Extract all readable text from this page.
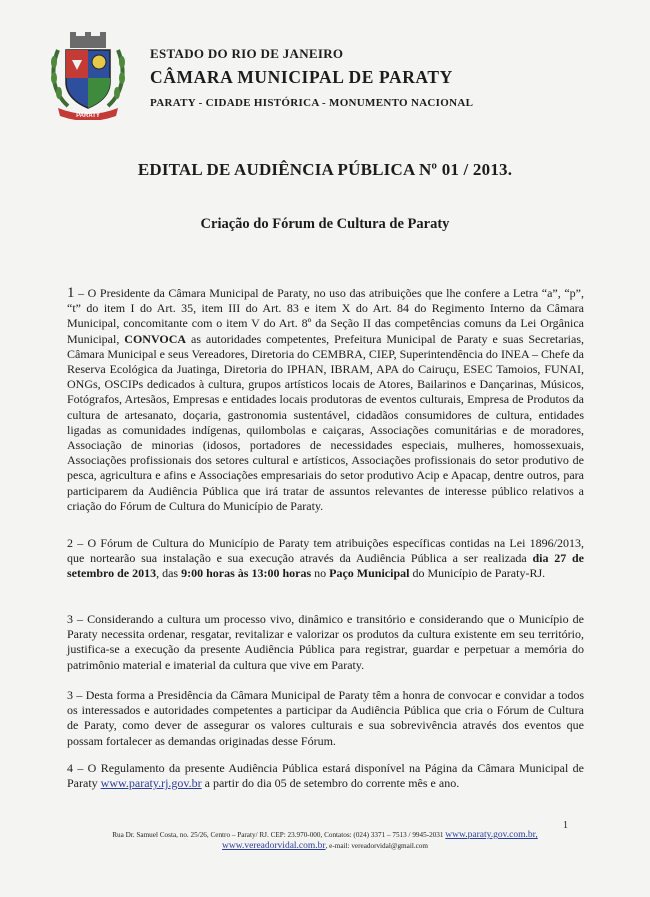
PARATY

ESTADO DO RIO DE JANEIRO

CÂMARA MUNICIPAL DE PARATY

PARATY - CIDADE HISTÓRICA - MONUMENTO NACIONAL

EDITAL DE AUDIÊNCIA PÚBLICA Nº 01 / 2013.
Criação do Fórum de Cultura de Paraty

1 – O Presidente da Câmara Municipal de Paraty, no uso das atribuições que lhe confere a Letra “a”, “p”, “t” do item I do Art. 35, item III do Art. 83 e item X do Art. 84 do Regimento Interno da Câmara Municipal, concomitante com o item V do Art. 8º da Seção II das competências comuns da Lei Orgânica Municipal, CONVOCA as autoridades competentes, Prefeitura Municipal de Paraty e suas Secretarias, Câmara Municipal e seus Vereadores, Diretoria do CEMBRA, CIEP, Superintendência do INEA – Chefe da Reserva Ecológica da Juatinga, Diretoria do IPHAN, IBRAM, APA do Cairuçu, ESEC Tamoios, FUNAI, ONGs, OSCIPs dedicados à cultura, grupos artísticos locais de Atores, Bailarinos e Dançarinas, Músicos, Fotógrafos, Artesãos, Empresas e entidades locais produtoras de eventos culturais, Empresa de Produtos da cultura de artesanato, doçaria, gastronomia sustentável, cidadãos consumidores de cultura, entidades ligadas as comunidades indígenas, quilombolas e caiçaras, Associações comunitárias e de moradores, Associação de minorias (idosos, portadores de necessidades especiais, mulheres, homossexuais, Associações profissionais dos setores cultural e artísticos, Associações profissionais do setor produtivo de pesca, agricultura e afins e Associações empresariais do setor produtivo Acip e Apacap, dentre outros, para participarem da Audiência Pública que irá tratar de assuntos relevantes de interesse público relativos a criação do Fórum de Cultura do Município de Paraty.

2 – O Fórum de Cultura do Município de Paraty tem atribuições específicas contidas na Lei 1896/2013, que nortearão sua instalação e sua execução através da Audiência Pública a ser realizada dia 27 de setembro de 2013, das 9:00 horas às 13:00 horas no Paço Municipal do Município de Paraty-RJ.

3 – Considerando a cultura um processo vivo, dinâmico e transitório e considerando que o Município de Paraty necessita ordenar, resgatar, revitalizar e valorizar os produtos da cultura existente em seu território, justifica-se a execução da presente Audiência Pública para registrar, guardar e perpetuar a memória do patrimônio material e imaterial da cultura que vive em Paraty.

3 – Desta forma a Presidência da Câmara Municipal de Paraty têm a honra de convocar e convidar a todos os interessados e autoridades competentes a participar da Audiência Pública que cria o Fórum de Cultura de Paraty, como dever de assegurar os valores culturais e sua sobrevivência através dos eventos que possam fortalecer as demandas originadas desse Fórum.

4 – O Regulamento da presente Audiência Pública estará disponível na Página da Câmara Municipal de Paraty www.paraty.rj.gov.br a partir do dia 05 de setembro do corrente mês e ano.

1
Rua Dr. Samuel Costa, no. 25/26, Centro – Paraty/ RJ. CEP: 23.970-000, Contatos: (024) 3371 – 7513 / 9945-2031 www.paraty.gov.com.br,
www.vereadorvidal.com.br, e-mail: vereadorvidal@gmail.com
